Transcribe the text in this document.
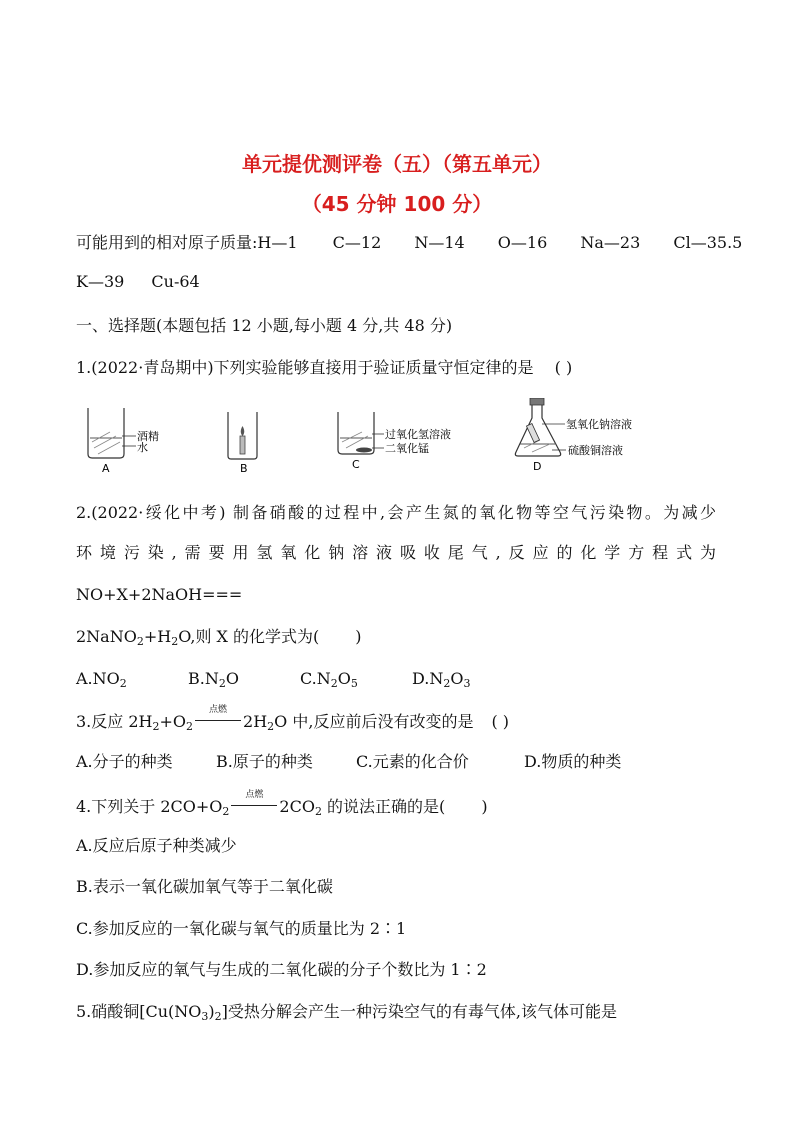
单元提优测评卷（五）（第五单元）
（45 分钟 100 分）
可能用到的相对原子质量:H—1 C—12 N—14 O—16 Na—23 Cl—35.5
K—39 Cu-64
一、选择题(本题包括 12 小题,每小题 4 分,共 48 分)
1.(2022·青岛期中)下列实验能够直接用于验证质量守恒定律的是 ( )
酒精
水
A	B
过氧化氢溶液
二氧化锰
C
氢氧化钠溶液
硫酸铜溶液
D
2.(2022·绥化中考) 制备硝酸的过程中,会产生氮的氧化物等空气污染物。为减少
环境污染,需要用氢氧化钠溶液吸收尾气,反应的化学方程式为
NO+X+2NaOH===
$2NaNO_2+H_2O$,则 X 的化学式为( )
$A.NO_2$	$B.N_2O$	$C.N_2O_5$	$D.N_2O_3$
3.反应 $2H_2+O_2$
点燃
$2H_2O$ 中,反应前后没有改变的是 ( )
A.分子的种类	B.原子的种类	C.元素的化合价	D.物质的种类
4.下列关于 $2CO+O_2$
点燃
$2CO_2$ 的说法正确的是( )
A.反应后原子种类减少
B.表示一氧化碳加氧气等于二氧化碳
C.参加反应的一氧化碳与氧气的质量比为 2∶1
D.参加反应的氧气与生成的二氧化碳的分子个数比为 1∶2
5.硝酸铜$[Cu(NO_3)_2]$受热分解会产生一种污染空气的有毒气体,该气体可能是
